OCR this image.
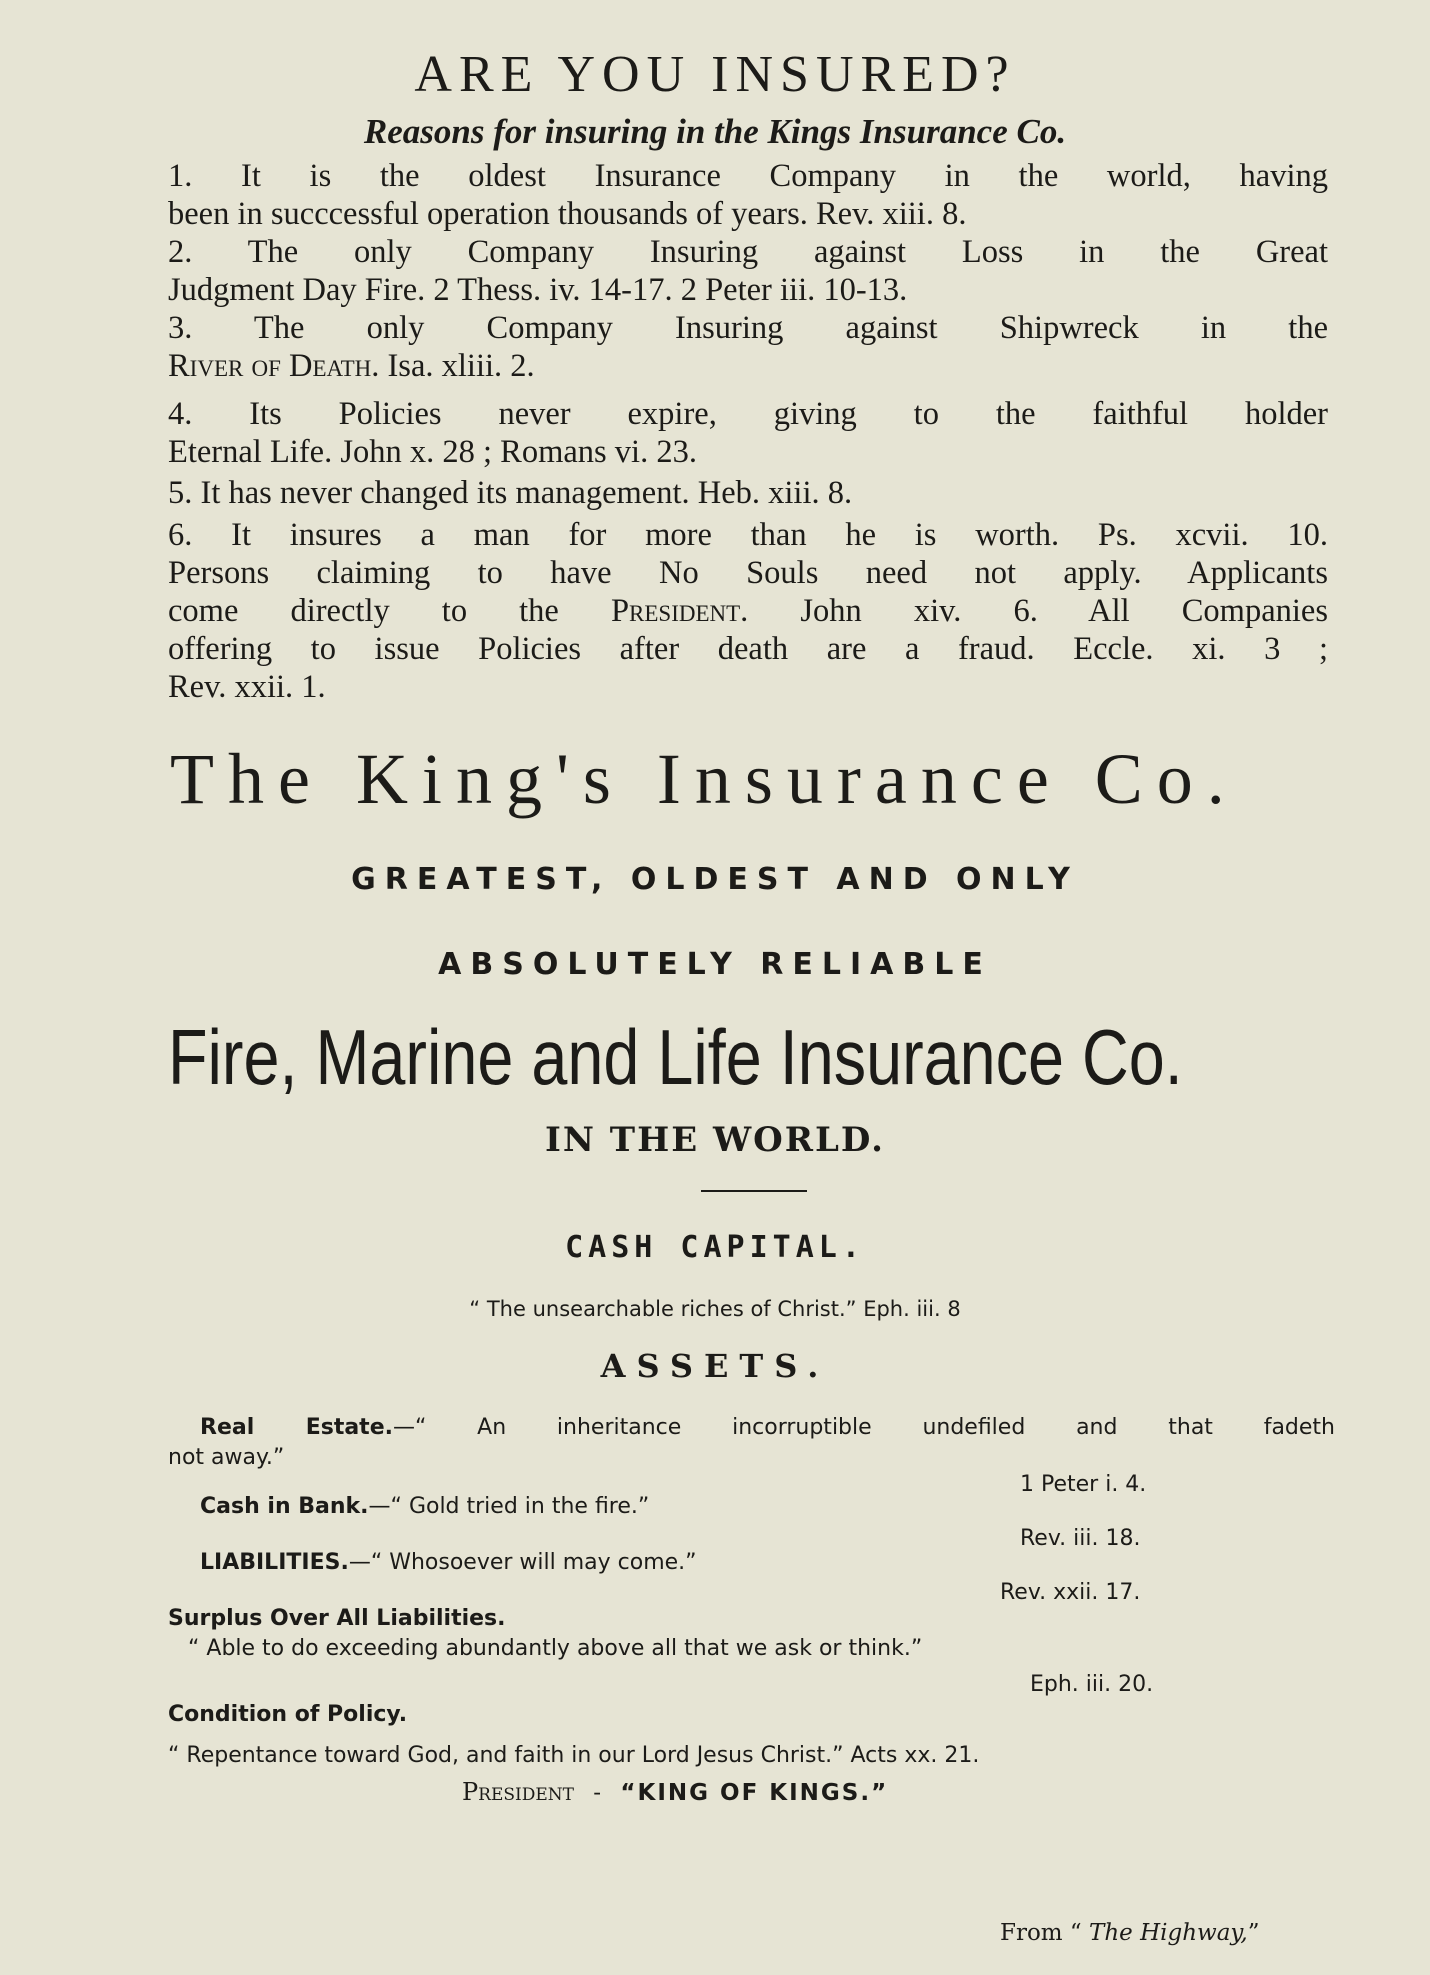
ARE YOU INSURED?
Reasons for insuring in the Kings Insurance Co.
1. It is the oldest Insurance Company in the world, having
been in succcessful operation thousands of years. Rev. xiii. 8.
2. The only Company Insuring against Loss in the Great
Judgment Day Fire. 2 Thess. iv. 14-17. 2 Peter iii. 10-13.
3. The only Company Insuring against Shipwreck in the
River of Death. Isa. xliii. 2.
4. Its Policies never expire, giving to the faithful holder
Eternal Life. John x. 28 ; Romans vi. 23.
5. It has never changed its management. Heb. xiii. 8.
6. It insures a man for more than he is worth. Ps. xcvii. 10.
Persons claiming to have No Souls need not apply. Applicants
come directly to the President. John xiv. 6. All Companies
offering to issue Policies after death are a fraud. Eccle. xi. 3 ;
Rev. xxii. 1.
The King's Insurance Co.
GREATEST, OLDEST AND ONLY
ABSOLUTELY RELIABLE
Fire, Marine and Life Insurance Co.
IN THE WORLD.
CASH CAPITAL.
“ The unsearchable riches of Christ.” Eph. iii. 8
ASSETS.
Real Estate.—“ An inheritance incorruptible undefiled and that fadeth
not away.”
1 Peter i. 4.
Cash in Bank.—“ Gold tried in the fire.”
Rev. iii. 18.
LIABILITIES.—“ Whosoever will may come.”
Rev. xxii. 17.
Surplus Over All Liabilities.
“ Able to do exceeding abundantly above all that we ask or think.”
Eph. iii. 20.
Condition of Policy.
“ Repentance toward God, and faith in our Lord Jesus Christ.” Acts xx. 21.
President - “KING OF KINGS.”
From “ The Highway,”
